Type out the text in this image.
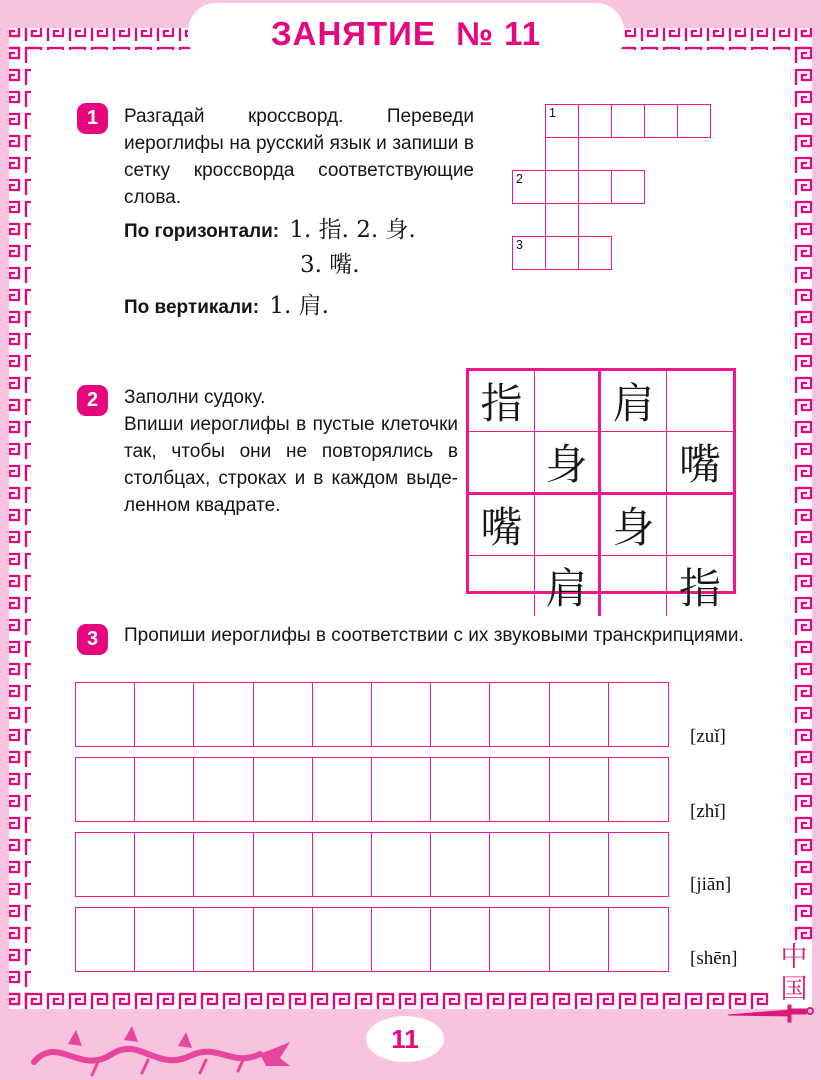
ЗАНЯТИЕ  № 11
1 Разгадай кроссворд. Переведи иероглифы на русский язык и запиши в сетку кроссворда соответствующие слова.
По горизонтали: 1. 指. 2. 身.
3. 嘴.
По вертикали: 1. 肩.
1
2
3
2 Заполни судоку.
Впиши иероглифы в пустые клеточки так, чтобы они не повторялись в столбцах, строках и в каждом выделенном квадрате.
指 肩
身	嘴
嘴 身
肩	指
3 Пропиши иероглифы в соответствии с их звуковыми транскрипциями.
[zuǐ]
[zhǐ]
[jiān]
[shēn]
11
中
国
